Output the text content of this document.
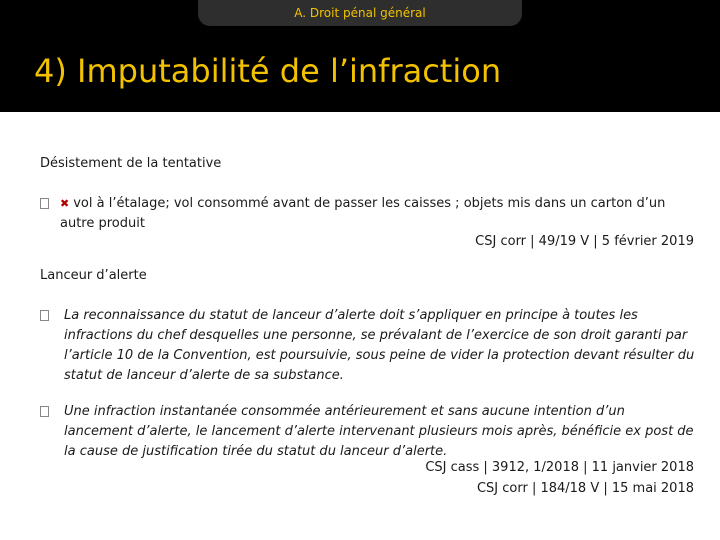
A. Droit pénal général
4) Imputabilité de l’infraction
Désistement de la tentative
✖ vol à l’étalage; vol consommé avant de passer les caisses ; objets mis dans un carton d’un autre produit
CSJ corr | 49/19 V | 5 février 2019
Lanceur d’alerte
La reconnaissance du statut de lanceur d’alerte doit s’appliquer en principe à toutes les infractions du chef desquelles une personne, se prévalant de l’exercice de son droit garanti par l’article 10 de la Convention, est poursuivie, sous peine de vider la protection devant résulter du statut de lanceur d’alerte de sa substance.
Une infraction instantanée consommée antérieurement et sans aucune intention d’un lancement d’alerte, le lancement d’alerte intervenant plusieurs mois après, bénéficie ex post de la cause de justification tirée du statut du lanceur d’alerte.
CSJ cass | 3912, 1/2018 | 11 janvier 2018
CSJ corr | 184/18 V | 15 mai 2018
